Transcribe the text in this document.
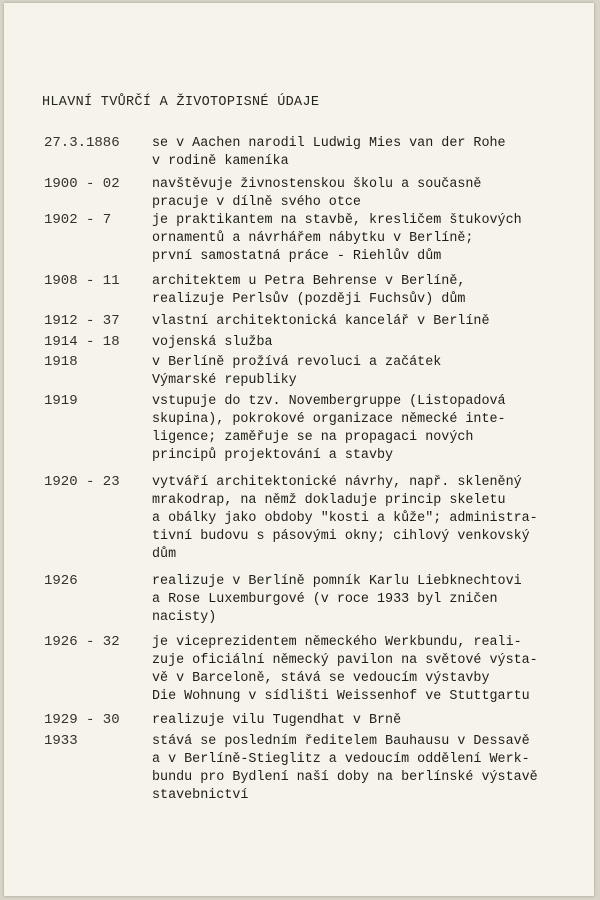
HLAVNÍ TVŮRČÍ A ŽIVOTOPISNÉ ÚDAJE
27.3.1886 se v Aachen narodil Ludwig Mies van der Rohe
v rodině kameníka
1900 - 02 navštěvuje živnostenskou školu a současně
pracuje v dílně svého otce
1902 - 7	je praktikantem na stavbě, kresličem štukových
ornamentů a návrhářem nábytku v Berlíně;
první samostatná práce - Riehlův dům
1908 - 11 architektem u Petra Behrense v Berlíně,
realizuje Perlsův (později Fuchsův) dům
1912 - 37 vlastní architektonická kancelář v Berlíně
1914 - 18 vojenská služba
1918	v Berlíně prožívá revoluci a začátek
Výmarské republiky
1919	vstupuje do tzv. Novembergruppe (Listopadová
skupina), pokrokové organizace německé inte-
ligence; zaměřuje se na propagaci nových
principů projektování a stavby
1920 - 23 vytváří architektonické návrhy, např. skleněný
mrakodrap, na němž dokladuje princip skeletu
a obálky jako obdoby "kosti a kůže"; administra-
tivní budovu s pásovými okny; cihlový venkovský
dům
1926	realizuje v Berlíně pomník Karlu Liebknechtovi
a Rose Luxemburgové (v roce 1933 byl zničen
nacisty)
1926 - 32 je viceprezidentem německého Werkbundu, reali-
zuje oficiální německý pavilon na světové výsta-
vě v Barceloně, stává se vedoucím výstavby
Die Wohnung v sídlišti Weissenhof ve Stuttgartu
1929 - 30 realizuje vilu Tugendhat v Brně
1933	stává se posledním ředitelem Bauhausu v Dessavě
a v Berlíně-Stieglitz a vedoucím oddělení Werk-
bundu pro Bydlení naší doby na berlínské výstavě
stavebnictví
